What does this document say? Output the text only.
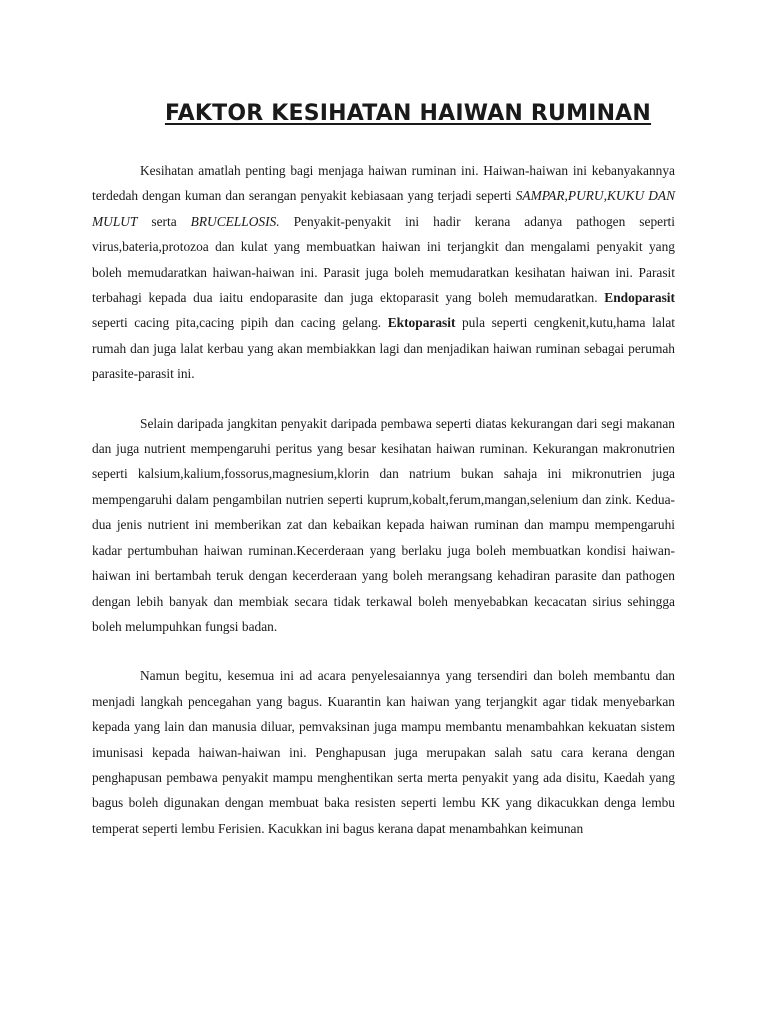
FAKTOR KESIHATAN HAIWAN RUMINAN

Kesihatan amatlah penting bagi menjaga haiwan ruminan ini. Haiwan-haiwan ini kebanyakannya terdedah dengan kuman dan serangan penyakit kebiasaan yang terjadi seperti SAMPAR,PURU,KUKU DAN MULUT serta BRUCELLOSIS. Penyakit-penyakit ini hadir kerana adanya pathogen seperti virus,bateria,protozoa dan kulat yang membuatkan haiwan ini terjangkit dan mengalami penyakit yang boleh memudaratkan haiwan-haiwan ini. Parasit juga boleh memudaratkan kesihatan haiwan ini. Parasit terbahagi kepada dua iaitu endoparasite dan juga ektoparasit yang boleh memudaratkan. Endoparasit seperti cacing pita,cacing pipih dan cacing gelang. Ektoparasit pula seperti cengkenit,kutu,hama lalat rumah dan juga lalat kerbau yang akan membiakkan lagi dan menjadikan haiwan ruminan sebagai perumah parasite-parasit ini.

Selain daripada jangkitan penyakit daripada pembawa seperti diatas kekurangan dari segi makanan dan juga nutrient mempengaruhi peritus yang besar kesihatan haiwan ruminan. Kekurangan makronutrien seperti kalsium,kalium,fossorus,magnesium,klorin dan natrium bukan sahaja ini mikronutrien juga mempengaruhi dalam pengambilan nutrien seperti kuprum,kobalt,ferum,mangan,selenium dan zink. Kedua-dua jenis nutrient ini memberikan zat dan kebaikan kepada haiwan ruminan dan mampu mempengaruhi kadar pertumbuhan haiwan ruminan.Kecerderaan yang berlaku juga boleh membuatkan kondisi haiwan-haiwan ini bertambah teruk dengan kecerderaan yang boleh merangsang kehadiran parasite dan pathogen dengan lebih banyak dan membiak secara tidak terkawal boleh menyebabkan kecacatan sirius sehingga boleh melumpuhkan fungsi badan.

Namun begitu, kesemua ini ad acara penyelesaiannya yang tersendiri dan boleh membantu dan menjadi langkah pencegahan yang bagus. Kuarantin kan haiwan yang terjangkit agar tidak menyebarkan kepada yang lain dan manusia diluar, pemvaksinan juga mampu membantu menambahkan kekuatan sistem imunisasi kepada haiwan-haiwan ini. Penghapusan juga merupakan salah satu cara kerana dengan penghapusan pembawa penyakit mampu menghentikan serta merta penyakit yang ada disitu, Kaedah yang bagus boleh digunakan dengan membuat baka resisten seperti lembu KK yang dikacukkan denga lembu temperat seperti lembu Ferisien. Kacukkan ini bagus kerana dapat menambahkan keimunan
